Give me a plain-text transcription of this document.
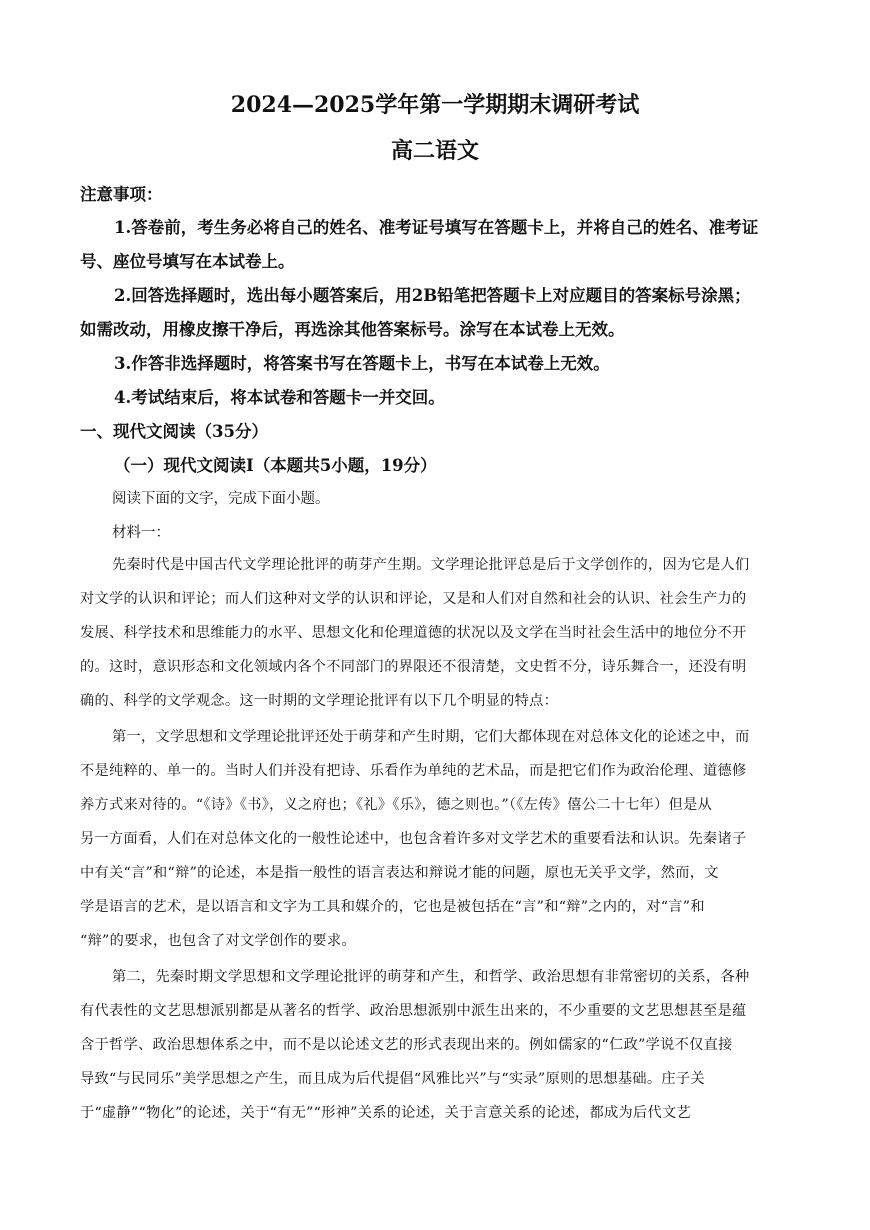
2024—2025学年第一学期期末调研考试
高二语文
注意事项：
1.答卷前，考生务必将自己的姓名、准考证号填写在答题卡上，并将自己的姓名、准考证
号、座位号填写在本试卷上。
2.回答选择题时，选出每小题答案后，用2B铅笔把答题卡上对应题目的答案标号涂黑；
如需改动，用橡皮擦干净后，再选涂其他答案标号。涂写在本试卷上无效。
3.作答非选择题时，将答案书写在答题卡上，书写在本试卷上无效。
4.考试结束后，将本试卷和答题卡一并交回。
一、现代文阅读（35分）
（一）现代文阅读Ⅰ（本题共5小题，19分）
阅读下面的文字，完成下面小题。
材料一：
先秦时代是中国古代文学理论批评的萌芽产生期。文学理论批评总是后于文学创作的，因为它是人们
对文学的认识和评论；而人们这种对文学的认识和评论，又是和人们对自然和社会的认识、社会生产力的
发展、科学技术和思维能力的水平、思想文化和伦理道德的状况以及文学在当时社会生活中的地位分不开
的。这时，意识形态和文化领域内各个不同部门的界限还不很清楚，文史哲不分，诗乐舞合一，还没有明
确的、科学的文学观念。这一时期的文学理论批评有以下几个明显的特点：
第一，文学思想和文学理论批评还处于萌芽和产生时期，它们大都体现在对总体文化的论述之中，而
不是纯粹的、单一的。当时人们并没有把诗、乐看作为单纯的艺术品，而是把它们作为政治伦理、道德修
养方式来对待的。“《诗》《书》，义之府也；《礼》《乐》，德之则也。”（《左传》僖公二十七年）但是从
另一方面看，人们在对总体文化的一般性论述中，也包含着许多对文学艺术的重要看法和认识。先秦诸子
中有关“言”和“辩”的论述，本是指一般性的语言表达和辩说才能的问题，原也无关乎文学，然而，文
学是语言的艺术，是以语言和文字为工具和媒介的，它也是被包括在“言”和“辩”之内的，对“言”和
“辩”的要求，也包含了对文学创作的要求。
第二，先秦时期文学思想和文学理论批评的萌芽和产生，和哲学、政治思想有非常密切的关系，各种
有代表性的文艺思想派别都是从著名的哲学、政治思想派别中派生出来的，不少重要的文艺思想甚至是蕴
含于哲学、政治思想体系之中，而不是以论述文艺的形式表现出来的。例如儒家的“仁政”学说不仅直接
导致“与民同乐”美学思想之产生，而且成为后代提倡“风雅比兴”与“实录”原则的思想基础。庄子关
于“虚静”“物化”的论述，关于“有无”“形神”关系的论述，关于言意关系的论述，都成为后代文艺
